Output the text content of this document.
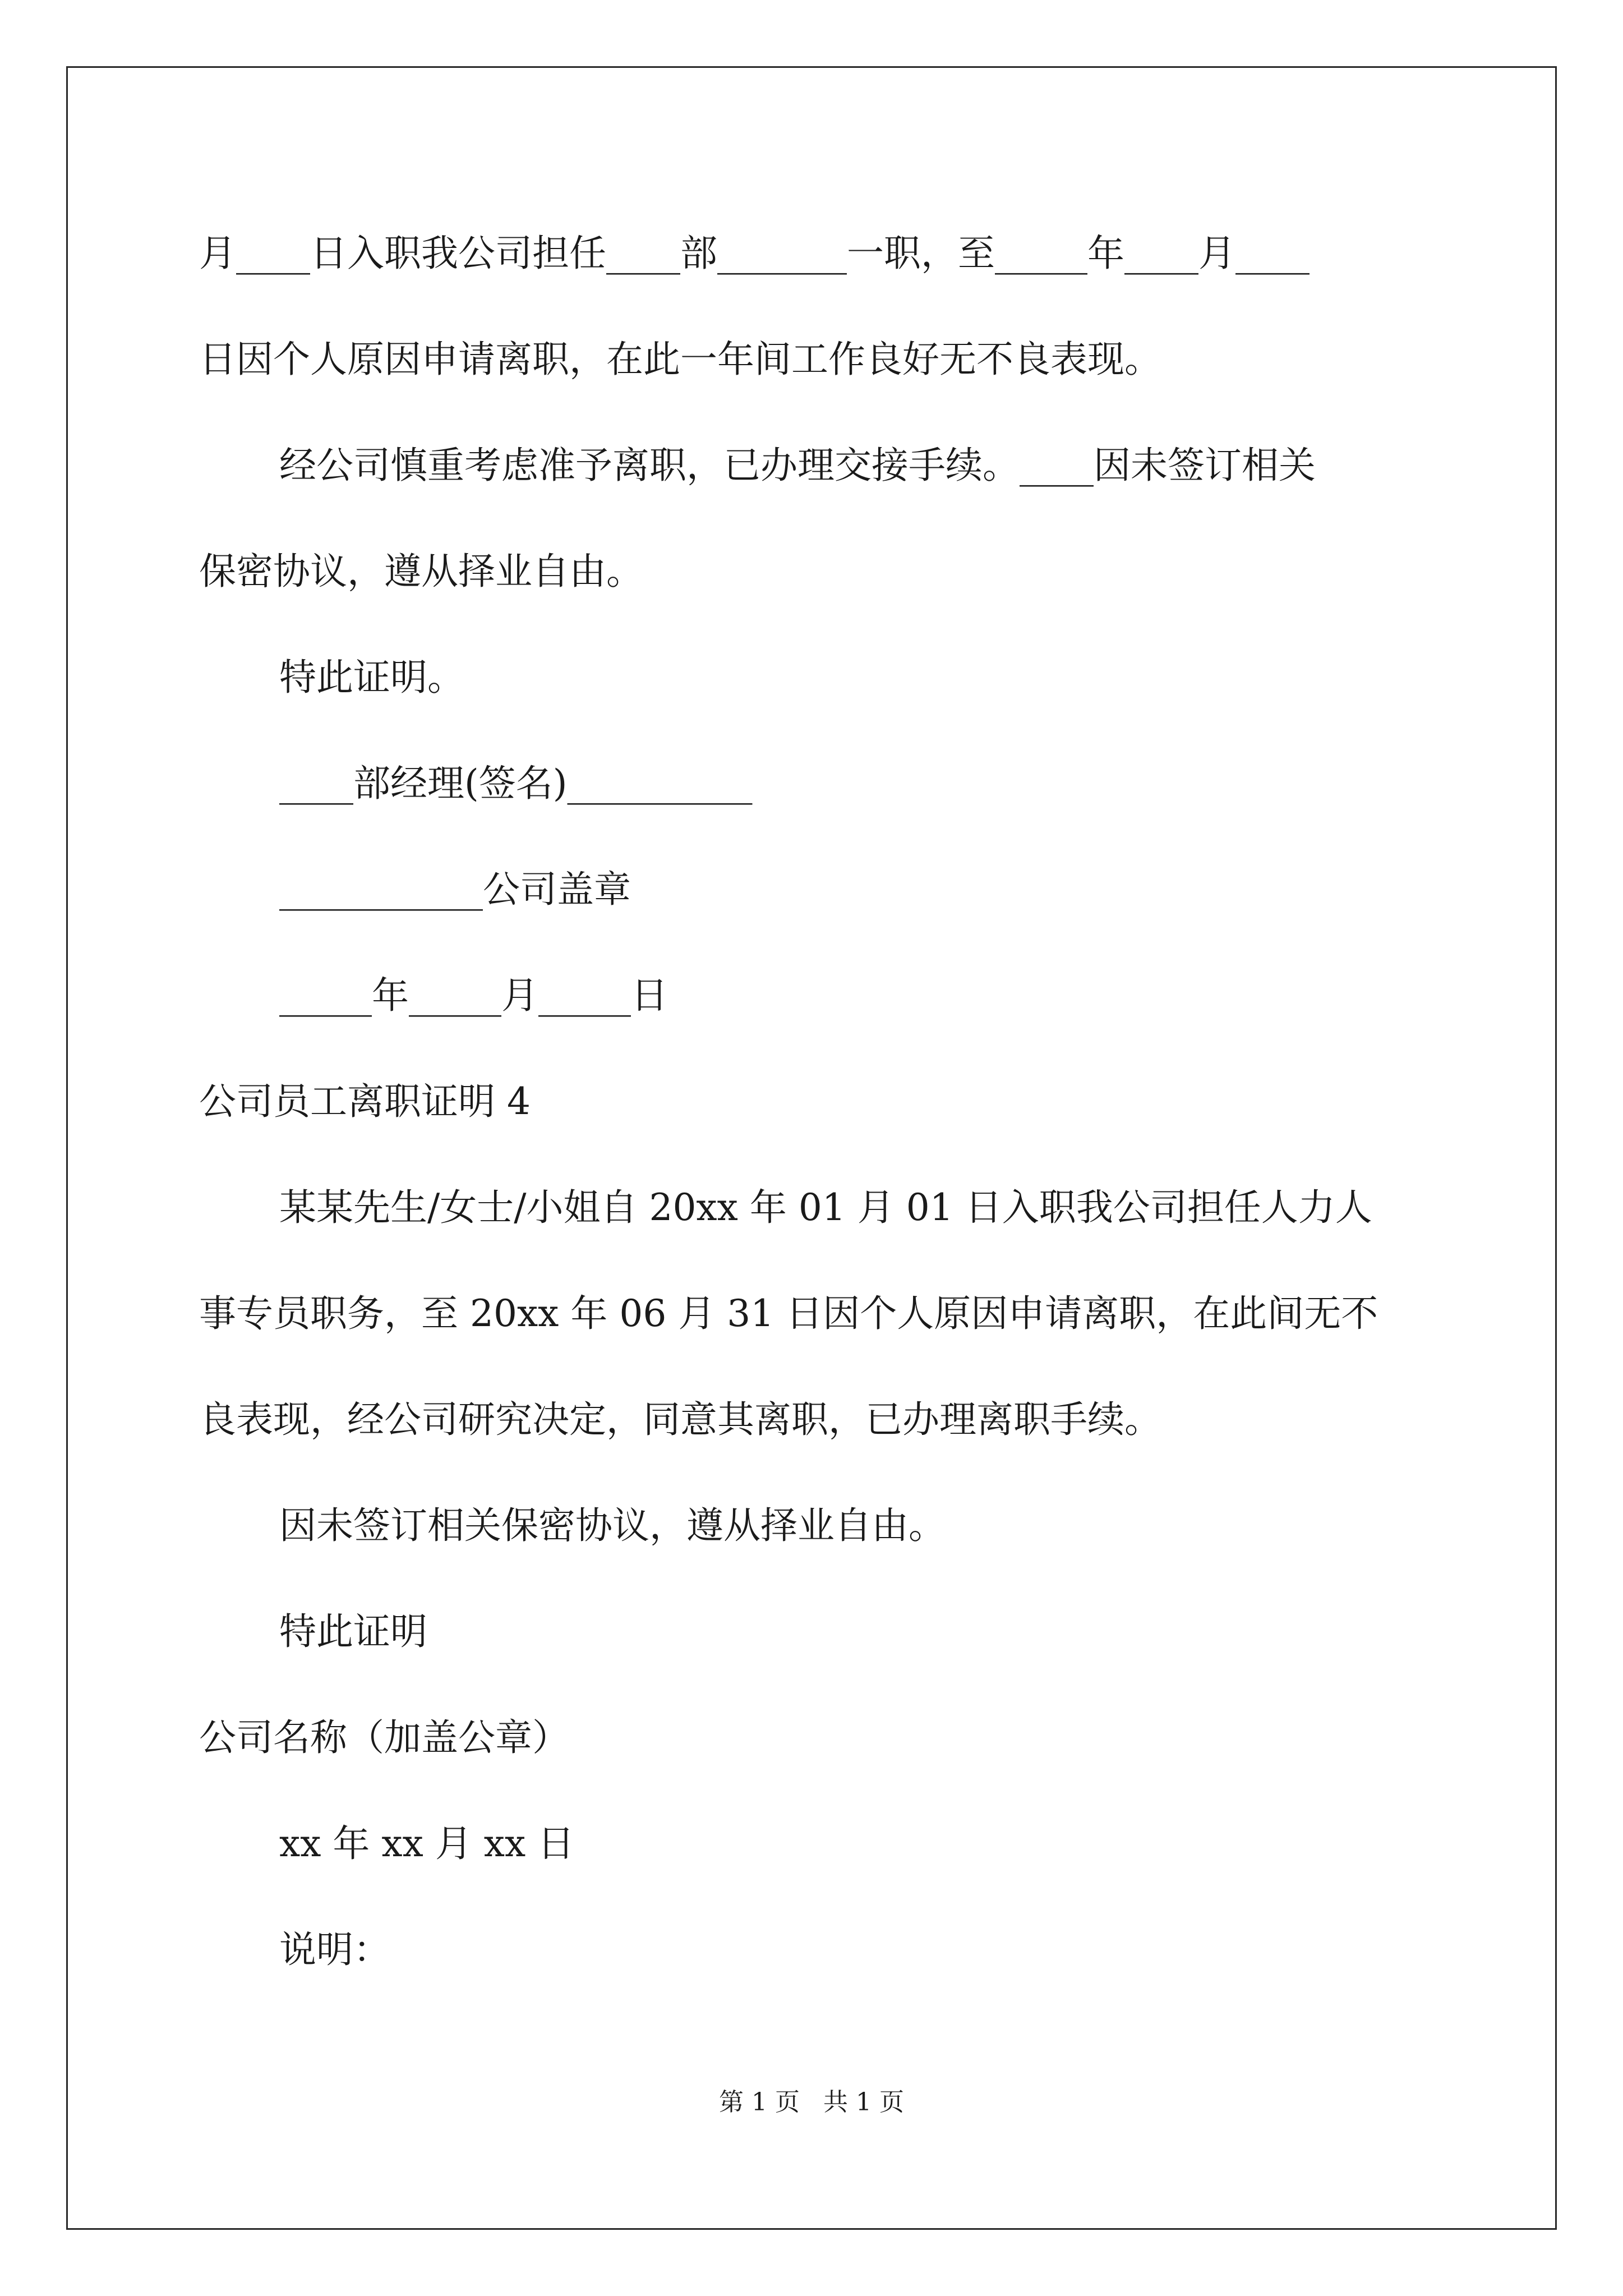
月____日入职我公司担任____部_______一职，至_____年____月____
日因个人原因申请离职，在此一年间工作良好无不良表现。
经公司慎重考虑准予离职，已办理交接手续。____因未签订相关
保密协议，遵从择业自由。
特此证明。
____部经理(签名)__________
___________公司盖章
_____年_____月_____日
公司员工离职证明 4
某某先生/女士/小姐自 20xx 年 01 月 01 日入职我公司担任人力人
事专员职务，至 20xx 年 06 月 31 日因个人原因申请离职，在此间无不
良表现，经公司研究决定，同意其离职，已办理离职手续。
因未签订相关保密协议，遵从择业自由。
特此证明
公司名称（加盖公章）
xx 年 xx 月 xx 日
说明：
第 1 页   共 1 页
